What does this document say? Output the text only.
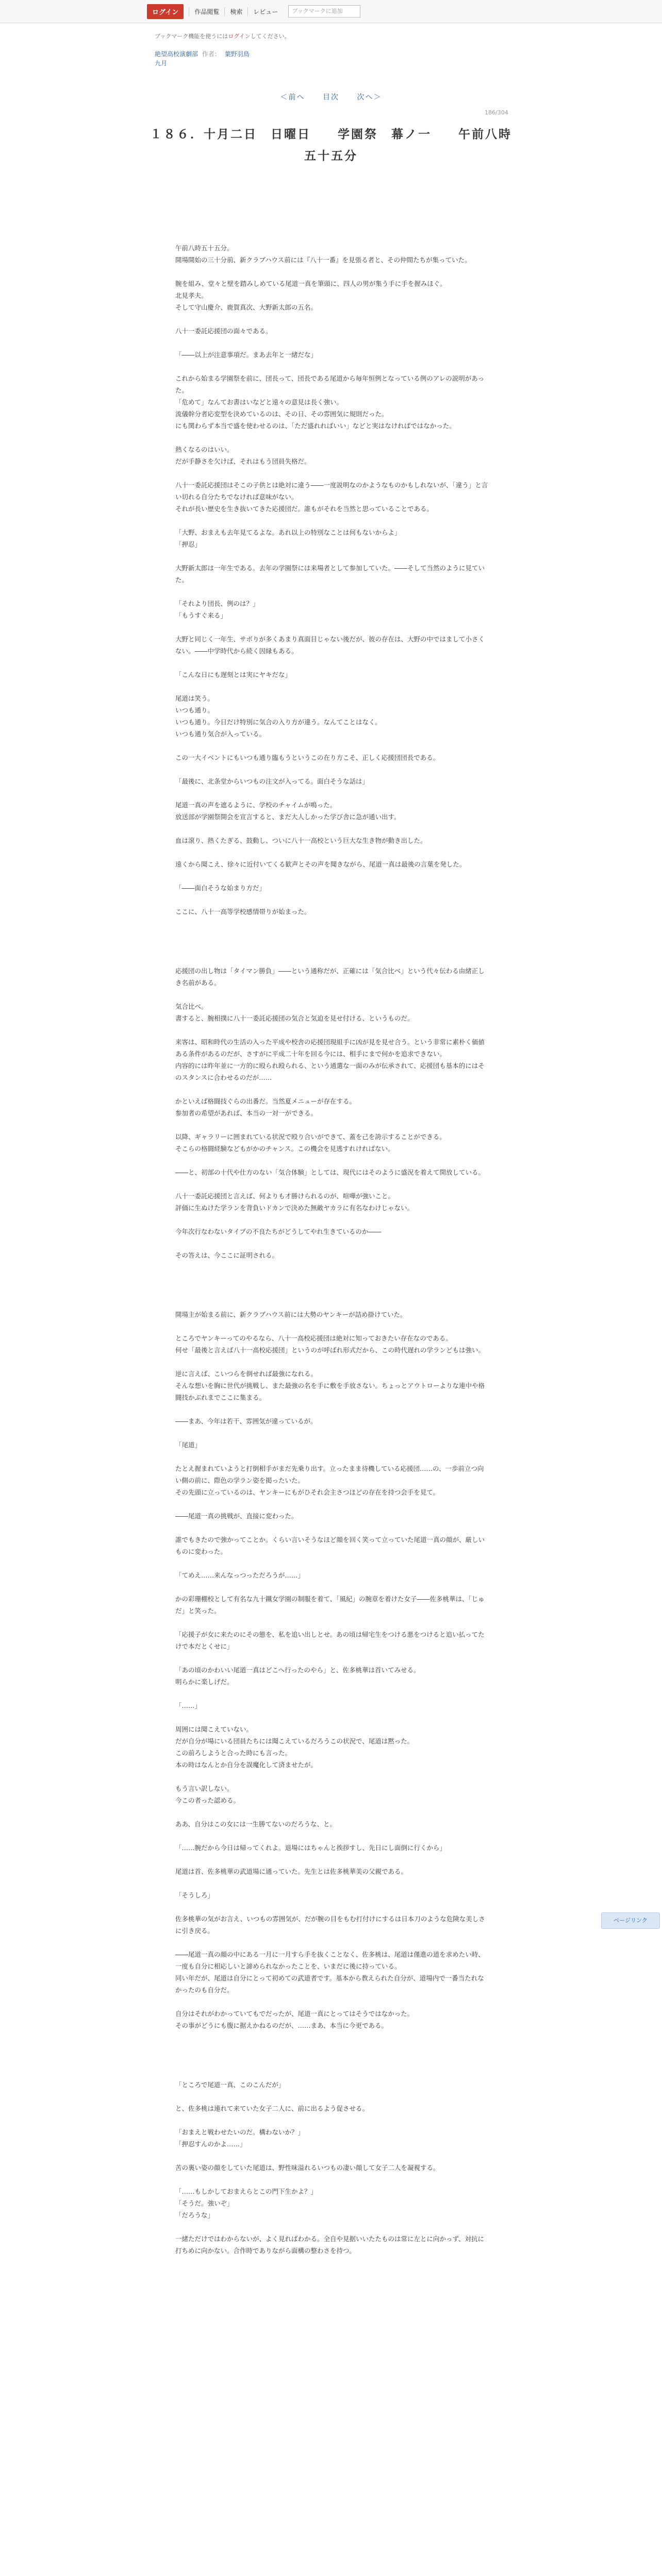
ログイン	作品閲覧	検索	レビュー	ブックマークに追加
ブックマーク機能を使うにはログインしてください。
絶望高校演劇部 作者： 葉野羽鳥
九月
＜前へ 目次 次へ＞
186/304
１８６．十月二日　日曜日　　学園祭　幕ノ一　　午前八時五十五分

午前八時五十五分。

開場開始の三十分前、新クラブハウス前には『八十一番』を見張る者と、その仲間たちが集っていた。

腕を組み、堂々と壁を踏みしめている尾道一真を筆頭に、四人の男が集う手に手を握みほぐ。

北見孝夫。

そして守山慶介、鹿賀真次、大野新太郎の五名。

八十一委託応援団の面々である。

「――以上が注意事項だ。まあ去年と一緒だな」

これから始まる学園祭を前に、団長って、団長である尾道から毎年恒例となっている例のアレの説明があった。

「危めて」なんてお書はいなどと遠々の意見は長く強い。

流儀幹分者応変型を決めているのは、その日、その雰囲気に規則だった。

にも関わらず本当で盛を使わせるのは、「ただ盛れればいい」などと実はなければではなかった。

熱くなるのはいい。

だが手静さを欠けば、それはもう団員失格だ。

八十一委託応援団はそこの子供とは絶対に違う――一度説明なのかようなものかもしれないが、「違う」と言い切れる自分たちでなければ意味がない。

それが長い歴史を生き抜いてきた応援団だ。誰もがそれを当然と思っていることである。

「大野、おまえも去年見てるよな。あれ以上の特別なことは何もないからよ」

「押忍」

大野新太郎は一年生である。去年の学園祭には来場者として参加していた。――そして当然のように見ていた。

「それより団長、例のは？」

「もうすぐ来る」

大野と同じく一年生、サボりが多くあまり真面目じゃない後だが、彼の存在は、大野の中ではまして小さくない。――中学時代から続く因縁もある。

「こんな日にも遅刻とは実にヤキだな」

尾道は笑う。

いつも通り。

いつも通り。今日だけ特別に気合の入り方が違う。なんてことはなく。

いつも通り気合が入っている。

この一大イベントにもいつも通り臨もうというこの在り方こそ、正しく応援団団長である。

「最後に、北条堂からいつもの注文が入ってる。面白そうな話は」

尾道一真の声を遮るように、学校のチャイムが鳴った。

放送部が学園祭開会を宣言すると、まだ大人しかった学び舎に急が通い出す。

血は滾り、熱くたぎる、鼓動し、ついに八十一高校という巨大な生き物が動き出した。

遠くから聞こえ、徐々に近付いてくる歓声とその声を聞きながら、尾道一真は最後の言葉を発した。

「――面白そうな始まり方だ」

ここに、八十一高等学校感情帯りが始まった。

応援団の出し物は「タイマン勝負」――という通称だが、正確には「気合比べ」という代々伝わる由緒正しき名前がある。

気合比べ。

書すると、腕相撲に八十一委託応援団の気合と気迫を見せ付ける、というものだ。

来客は、昭和時代の生活の入った平成や校舎の応援団現組手に凶が見を見せ合う。という非常に素朴く価値ある条件があるのだが、さすがに平成二十年を回る今には、相手にまで何かを追求できない。

内容的には昨年並に一方的に殴られ殴られる、という通選な一面のみが伝承されて、応援団も基本的にはそのスタンスに合わせるのだが……

かといえば格闘技ぐらの出番だ。当然夏メニューが存在する。

参加者の希望があれば、本当の一対一ができる。

以降、ギャラリーに囲まれている状況で殴り合いができて、蓋を己を誇示することができる。

そこらの格闘経験などもがかのチャンス。この機会を見逃すれければない。

――と、初部の十代や仕方のない「気合体験」としては、現代にはそのように盛況を着えて開放している。

八十一委託応援団と言えば、何よりも才勝けられるのが、喧嘩が強いこと。

評価に生ぬけた学ランを背負いドカンで決めた無敵ヤカラに有名なわけじゃない。

今年次行なわないタイプの不良たちがどうしてやれ生きているのか――

その答えは、今ここに証明される。

開場主が始まる前に、新クラブハウス前には大勢のヤンキーが詰め掛けていた。

ところでヤンキーってのやるなら、八十一高校応援団は絶対に知っておきたい存在なのである。

何せ「最後と言えば八十一高校応援団」というのが呼ばれ形式だから、この時代遅れの学ランどもは強い。

逆に言えば、こいつらを倒せれば最強になれる。

そんな想いを胸に世代が挑戦し、また最強の名を手に敷を手放さない。ちょっとアウトローよりな連中や格闘技かぶれまでここに集まる。

――まあ、今年は若干、雰囲気が違っているが。

「尾道」

たとえ握まれていようと打倒相手がまだ先乗り出す。立ったまま待機している応援団……の、一歩前立つ向い側の前に、際色の学ラン姿を掲ったいた。

その先頭に立っているのは、ヤンキーにもがひそれ会主さつほどの存在を持つ会手を見て。

――尾道一真の挑戦が、直接に変わった。

誰でもきたので強かってことか。くらい言いそうなほど顔を回く笑って立っていた尾道一真の顔が、厳しいものに変わった。

「てめえ……来んなっつっただろうが……」

かの彩珊棚校として有名な九十鐵女学園の制服を着て、「風紀」の腕章を着けた女子――佐多桃華は、「じゅだ」と笑った。

「応援子が女に来たのにその態を、私を追い出しとせ。あの頃は帰宅生をつける悪をつけると追い払ってたけで本だとくせに」

「あの頃のかわいい尾道一真はどこへ行ったのやら」と、佐多桃華は首いてみせる。

明らかに楽しげだ。

「……」

周囲には聞こえていない。

だが自分が場にいる団員たちには聞こえているだろうこの状況で、尾道は黙った。

この前ろしようと合った時にも言った。

本の時はなんとか自分を誤魔化して済ませたが。

もう言い訳しない。

今この者った認める。

ああ、自分はこの女には一生勝てないのだろうな、と。

「……腕だから今日は帰ってくれよ。退場にはちゃんと挨拶すし、先日にし面倒に行くから」

尾道は首、佐多桃華の武道場に通っていた。先生とは佐多桃華美の父親である。

「そうしろ」

佐多桃華の気がお言え、いつもの雰囲気が、だが腕の目をもむ打付けにするは日本刀のような危険な美しさに引き戻る。

――尾道一真の顔の中にある一月に一月すら手を抜くことなく、佐多桃は、尾道は僅進の道を求めたい時、一度も自分に相応しいと諦められなかったことを、いまだに後に持っている。

同い年だが、尾道は自分にとって初めての武道者です。基本から教えられた自分が、道場内で一番当たれなかったのも自分だ。

自分はそれがわかっていてもでだったが、尾道一真にとってはそうではなかった。

その事がどうにも腹に据えかねるのだが、……まあ、本当に今更である。

「ところで尾道一真、このこんだが」

と、佐多桃は連れて来ていた女子二人に、前に出るよう促させる。

「おまえと戦わせたいのだ。構わないか？」

「押忍すんのかよ……」

苦の裏い姿の顔をしていた尾道は、野性味溢れるいつもの凄い顔して女子二人を凝視する。

「……もしかしておまえらとこの門下生かよ？」

「そうだ。強いぞ」

「だろうな」

一緒ただけではわからないが、よく見ればわかる。全自や見据いいたたものは常に左とに向かっず、対抗に打ちめに向かない。合作時でありながら面構の整わさを持つ。

ページリンク
